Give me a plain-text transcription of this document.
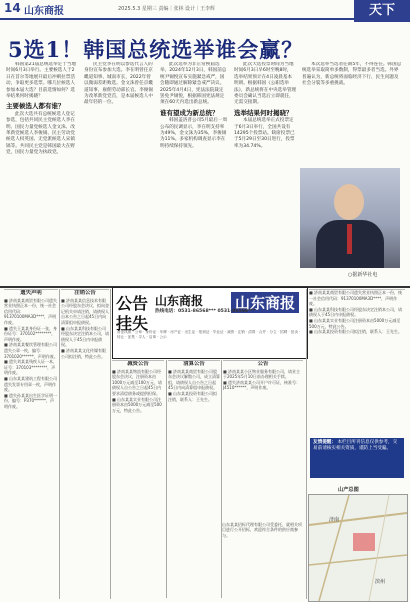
14 山东商报	2025.5.3 星期三 责编｜张林 设计｜王李辉	天下
5选1！韩国总统选举谁会赢？

韩国第21届总统选举定于当地时间6月3日举行。主要候选人于2日在首尔等地展开最后冲刺拉票活动，争取更多选票。哪几位候选人参加本届大选？目前选情如何？选举结果何时揭晓？

主要候选人都有谁？

此次大选共有总统候选人登记参选，包括共同民主党候选人李在明、国民力量党候选人金文洙、改革新党候选人李俊锡、民主劳动党候选人权英国、无党派候选人宋镇镐等。共同民主党是韩国最大在野党，国民力量党为执政党。

民主党李在明以参选代言人的身份宣布参加大选。李在明曾任京畿道知事、城南市长，2022年曾以微弱差距败选。金文洙曾任京畿道知事、雇佣劳动部长官。李俊锡为改革新党党首，是本届候选人中最年轻的一位。

此次选举为非正常换届选举。2024年12月3日，韩国前总统尹锡悦宣布实施紧急戒严，国会随即通过解除紧急戒严决议。2025年4月4日，宪法法院裁定罢免尹锡悦，根据韩国宪法规定须在60天内选出新总统。

谁有望成为新总统？

韩国盖洛普公司5月最后一周公布的民调显示，李在明支持率为49%，金文洙为35%，李俊锡为11%。多家机构调查显示李在明持续保持领先。

此次大选投票时间为当地时间6月3日早6时至晚8时，选举结果预计在4日凌晨基本明朗。根据韩国《公职选举法》，新总统将在中央选举管理委员会确认当选后立即就任，无需交接期。

选举结果何时揭晓？

本届总统选举正式投票定于6月3日举行，全国共设有14295个投票站。缺席投票已于5月29日至30日进行，投票率为34.74%。

本次选举当选者任期5年，不得连任。韩国总统选举采取简单多数制，得票最多者当选。外界普遍认为，新总统将面临经济下行、民生问题及社会分裂等多重挑战。

○据新华社电
遗失声明
■ 济南某某商贸有限公司遗失营业执照正本一份，统一社会信用代码：91370100MA3D****，声明作废。
■ 遗失王某某身份证一张，身份证号：370102********，声明作废。
■ 济南某某餐饮管理有限公司遗失公章一枚，编号：3701020******，声明作废。
■ 遗失刘某某残疾人证一本，证号：370103********，声明作废。
■ 山东某某建筑工程有限公司遗失发票专用章一枚，声明作废。
■ 遗失孙某某出生医学证明一份，编号：P370******，声明作废。
注销公告
■ 济南某某信息技术有限公司经股东会决议，拟向登记机关申请注销，请债权人自本公告之日起45日内向清算组申报债权。
■ 山东某某科技有限公司经股东决定注销本公司，请债权人于45日内申报债权。
■ 济南某某文化传媒有限公司拟注销，特此公告。
公告
挂失
山东商报 山东商报
热线电话：0531-86568*** 0531-86568***
营业执照 · 公章 · 身份证 · 车牌 · 房产证 · 出生证 · 报到证 · 毕业证 · 减资 · 注销 · 清算 · 合并 · 分立 · 招聘 · 拍卖 · 转让 · 征集 · 寻人 · 启事 · 公示
减资公告
■ 济南某某物流有限公司经股东会决议，注册资本由1000万元减至100万元，请债权人自公告之日起45日内要求清偿债务或提供担保。
■ 山东某某实业有限公司注册资本由5000万元减至500万元，特此公告。
清算公告
■ 济南某某商贸有限公司股东会决议解散公司，成立清算组，请债权人自公告之日起45日内向清算组申报债权。
■ 山东某某投资有限公司拟注销，联系人：王先生。
公告
■ 济南某某小区物业服务有限公司，请业主于2025年5月10日前办理相关手续。
■ 遗失济南某某公司开户许可证，核准号：J4510******，声明作废。
山东某某招标代理有限公司受委托，就相关项目进行公开招标，欢迎符合条件的供应商参与。
■ 济南某某商贸有限公司遗失营业执照正本一份，统一社会信用代码：91370100MA3D****，声明作废。
■ 山东某某科技有限公司经股东决定注销本公司，请债权人于45日内申报债权。
■ 山东某某实业有限公司注册资本由5000万元减至500万元，特此公告。
■ 山东某某投资有限公司拟注销，联系人：王先生。
友情提醒： 本栏目所刊信息仅供参考，交易前请核实相关资质，谨防上当受骗。
山产总图
济南
滨州
